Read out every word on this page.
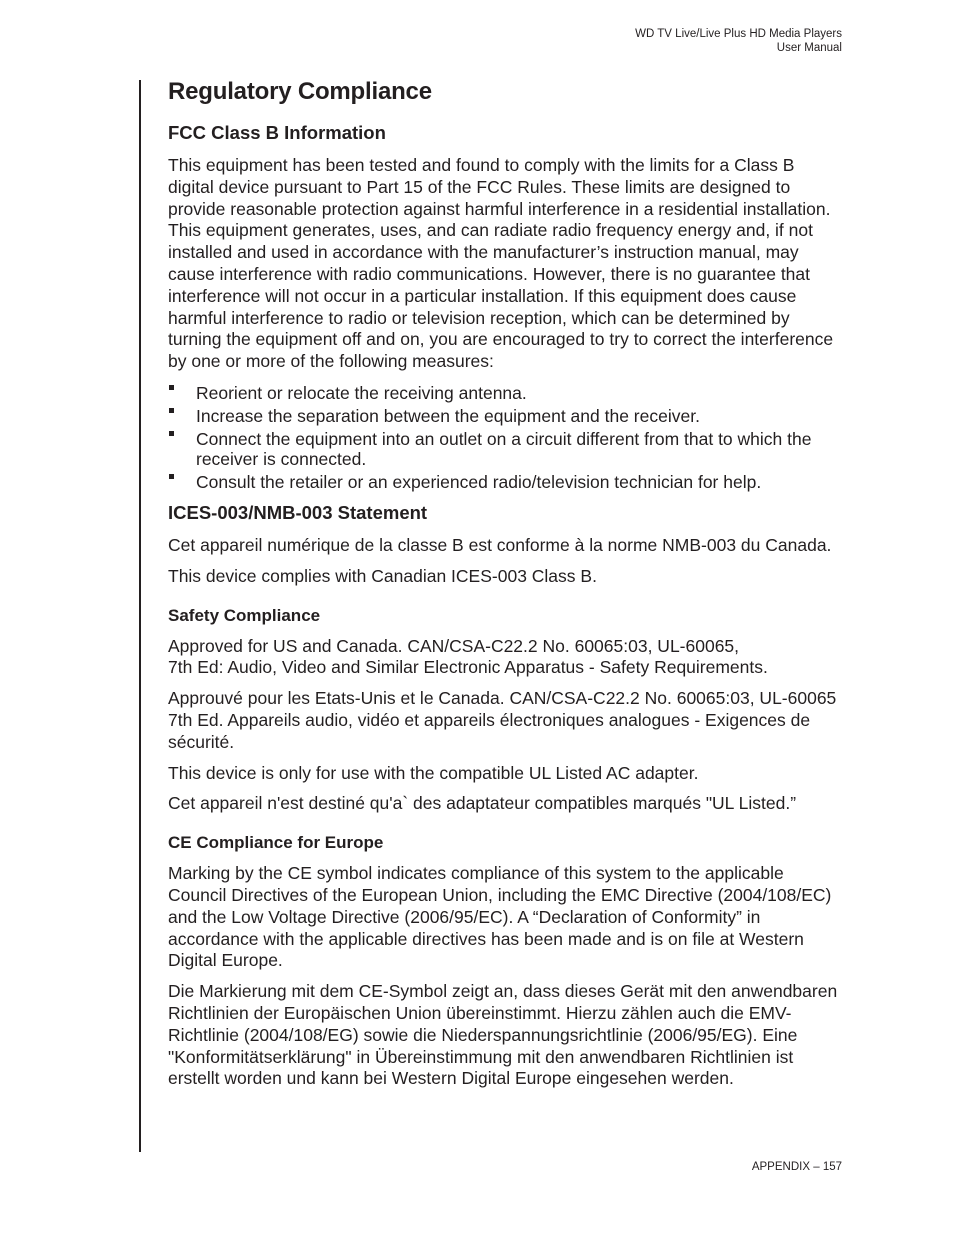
WD TV Live/Live Plus HD Media Players
User Manual
Regulatory Compliance
FCC Class B Information

This equipment has been tested and found to comply with the limits for a Class B digital device pursuant to Part 15 of the FCC Rules. These limits are designed to provide reasonable protection against harmful interference in a residential installation. This equipment generates, uses, and can radiate radio frequency energy and, if not installed and used in accordance with the manufacturer’s instruction manual, may cause interference with radio communications. However, there is no guarantee that interference will not occur in a particular installation. If this equipment does cause harmful interference to radio or television reception, which can be determined by turning the equipment off and on, you are encouraged to try to correct the interference by one or more of the following measures:

Reorient or relocate the receiving antenna.
Increase the separation between the equipment and the receiver.
Connect the equipment into an outlet on a circuit different from that to which the receiver is connected.
Consult the retailer or an experienced radio/television technician for help.
ICES-003/NMB-003 Statement

Cet appareil numérique de la classe B est conforme à la norme NMB-003 du Canada.

This device complies with Canadian ICES-003 Class B.

Safety Compliance

Approved for US and Canada. CAN/CSA-C22.2 No. 60065:03, UL-60065,
7th Ed: Audio, Video and Similar Electronic Apparatus - Safety Requirements.

Approuvé pour les Etats-Unis et le Canada. CAN/CSA-C22.2 No. 60065:03, UL-60065 7th Ed. Appareils audio, vidéo et appareils électroniques analogues - Exigences de sécurité.

This device is only for use with the compatible UL Listed AC adapter.

Cet appareil n'est destiné qu'a` des adaptateur compatibles marqués "UL Listed.”

CE Compliance for Europe

Marking by the CE symbol indicates compliance of this system to the applicable Council Directives of the European Union, including the EMC Directive (2004/108/EC) and the Low Voltage Directive (2006/95/EC). A “Declaration of Conformity” in accordance with the applicable directives has been made and is on file at Western Digital Europe.

Die Markierung mit dem CE-Symbol zeigt an, dass dieses Gerät mit den anwendbaren Richtlinien der Europäischen Union übereinstimmt. Hierzu zählen auch die EMV-Richtlinie (2004/108/EG) sowie die Niederspannungsrichtlinie (2006/95/EG). Eine "Konformitätserklärung" in Übereinstimmung mit den anwendbaren Richtlinien ist erstellt worden und kann bei Western Digital Europe eingesehen werden.

APPENDIX – 157
